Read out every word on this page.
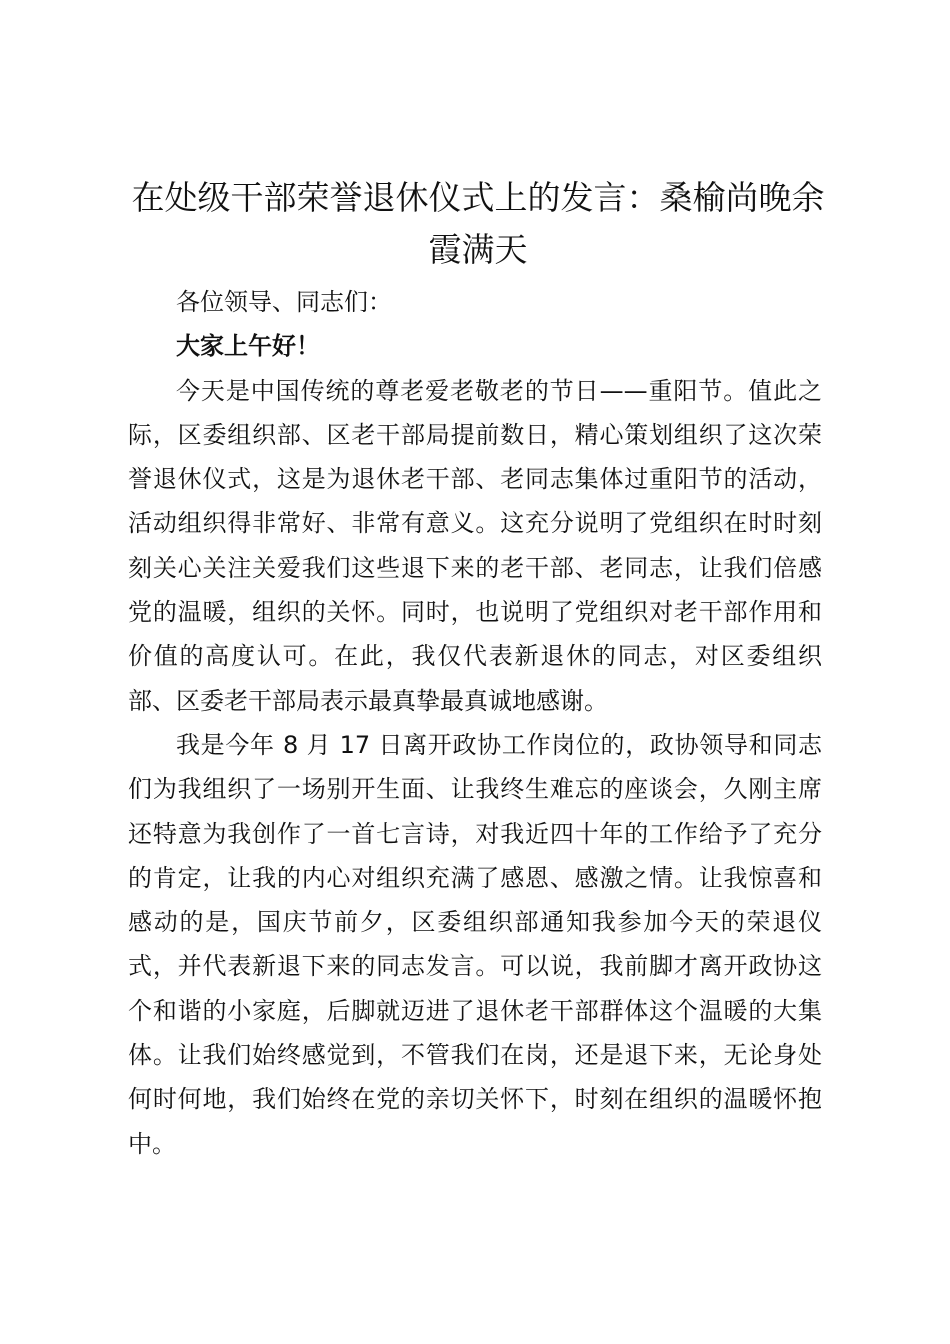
在处级干部荣誉退休仪式上的发言：桑榆尚晚余霞满天

各位领导、同志们：

大家上午好！

今天是中国传统的尊老爱老敬老的节日——重阳节。值此之际，区委组织部、区老干部局提前数日，精心策划组织了这次荣誉退休仪式，这是为退休老干部、老同志集体过重阳节的活动，活动组织得非常好、非常有意义。这充分说明了党组织在时时刻刻关心关注关爱我们这些退下来的老干部、老同志，让我们倍感党的温暖，组织的关怀。同时，也说明了党组织对老干部作用和价值的高度认可。在此，我仅代表新退休的同志，对区委组织部、区委老干部局表示最真挚最真诚地感谢。

我是今年 8 月 17 日离开政协工作岗位的，政协领导和同志们为我组织了一场别开生面、让我终生难忘的座谈会，久刚主席还特意为我创作了一首七言诗，对我近四十年的工作给予了充分的肯定，让我的内心对组织充满了感恩、感激之情。让我惊喜和感动的是，国庆节前夕，区委组织部通知我参加今天的荣退仪式，并代表新退下来的同志发言。可以说，我前脚才离开政协这个和谐的小家庭，后脚就迈进了退休老干部群体这个温暖的大集体。让我们始终感觉到，不管我们在岗，还是退下来，无论身处何时何地，我们始终在党的亲切关怀下，时刻在组织的温暖怀抱中。
